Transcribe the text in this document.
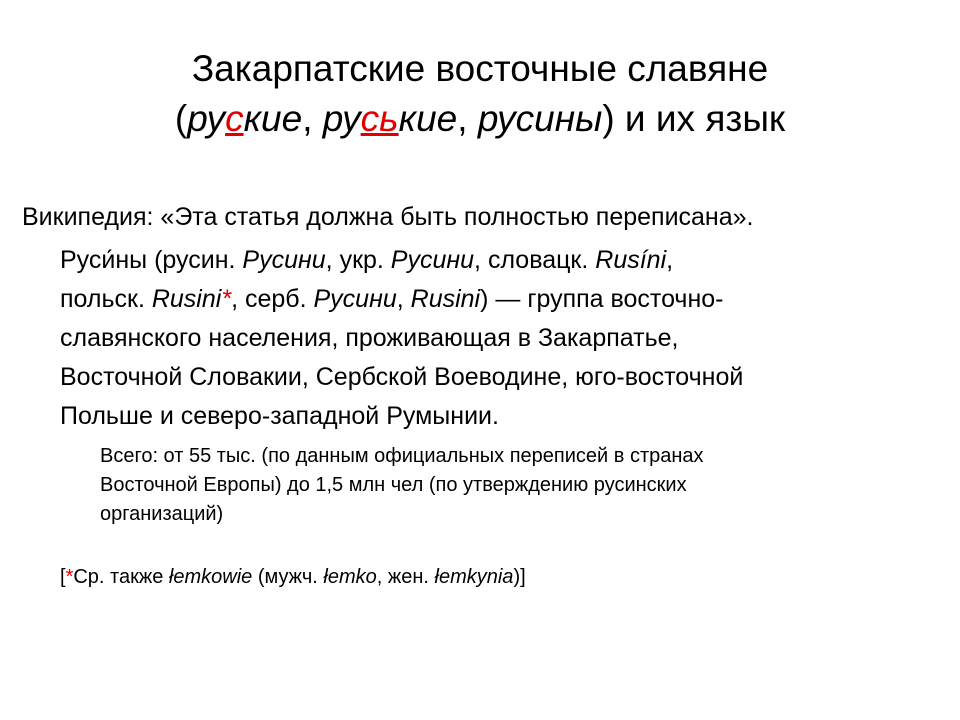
Закарпатские восточные славяне
(руские, руськие, русины) и их язык
Википедия: «Эта статья должна быть полностью переписана».
Руси́ны (русин. Русини, укр. Русини, словацк. Rusíni,
польск. Rusini*, серб. Русини, Rusini) — группа восточно-
славянского населения, проживающая в Закарпатье,
Восточной Словакии, Сербской Воеводине, юго-восточной
Польше и северо-западной Румынии.
Всего: от 55 тыс. (по данным официальных переписей в странах
Восточной Европы) до 1,5 млн чел (по утверждению русинских
организаций)
[*Ср. также łemkowie (мужч. łemko, жен. łemkynia)]
